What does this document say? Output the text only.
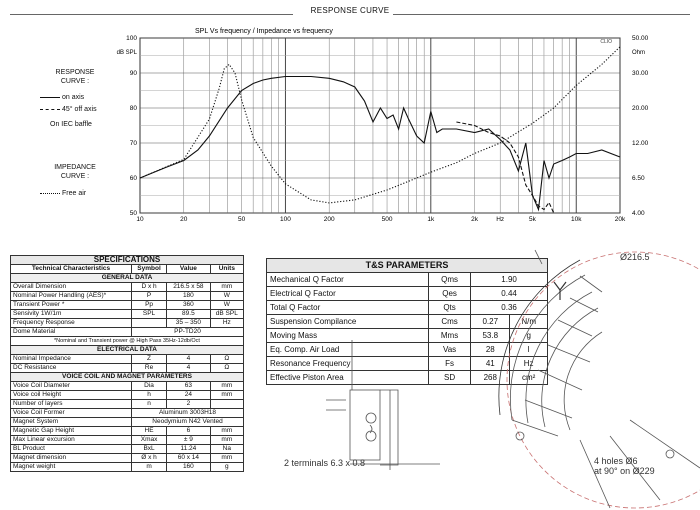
RESPONSE CURVE
RESPONSE
CURVE :
on axis
45° off axis
On IEC baffle
IMPEDANCE
CURVE :
Free air
10	20	50	100	200	500	1k	2k	Hz	5k	10k	20k
100
90
80
70
60
50
50.00
30.00
20.00
12.00
6.50
4.00
dB SPL	Ohm
SPL Vs frequency / Impedance vs frequency
CLIO
SPECIFICATIONS			
Technical Characteristics	Symbol	Value	Units
GENERAL DATA			
Overall Dimension	D x h	216.5 x 58	mm
Nominal Power Handling (AES)*	P	180	W
Transient Power *	Pp	360	W
Sensivity 1W/1m	SPL	89.5	dB SPL
Frequency Response		35 – 350	Hz
Dome Material	PP-TD20		
*Nominal and Transient power @ High Pass 35Hz-12db/Oct			
ELECTRICAL DATA			
Nominal Impedance	Z	4	Ω
DC Resistance	Re	4	Ω
VOICE COIL AND MAGNET PARAMETERS			
Voice Coil Diameter	Dia	63	mm
Voice coil Height	h	24	mm
Number of layers	n	2	
Voice Coil Former	Aluminum 3003H18		
Magnet System	Neodymium N42 Vented		
Magnetic Gap Height	HE	6	mm
Max Linear excursion	Xmax	± 9	mm
BL Product	BxL	11.24	Na
Magnet dimension	Ø x h	60 x 14	mm
Magnet weight	m	160	g
T&S PARAMETERS			
Mechanical Q Factor	Qms	1.90	
Electrical Q Factor	Qes	0.44	
Total Q Factor	Qts	0.36	
Suspension Compilance	Cms	0.27	N/m
Moving Mass	Mms	53.8	g
Eq. Comp. Air Load	Vas	28	l
Resonance Frequency	Fs	41	Hz
Effective Piston Area	SD	268	cm²
2 terminals 6.3 x 0.8	4 holes Ø6
at 90° on Ø229
Ø216.5
